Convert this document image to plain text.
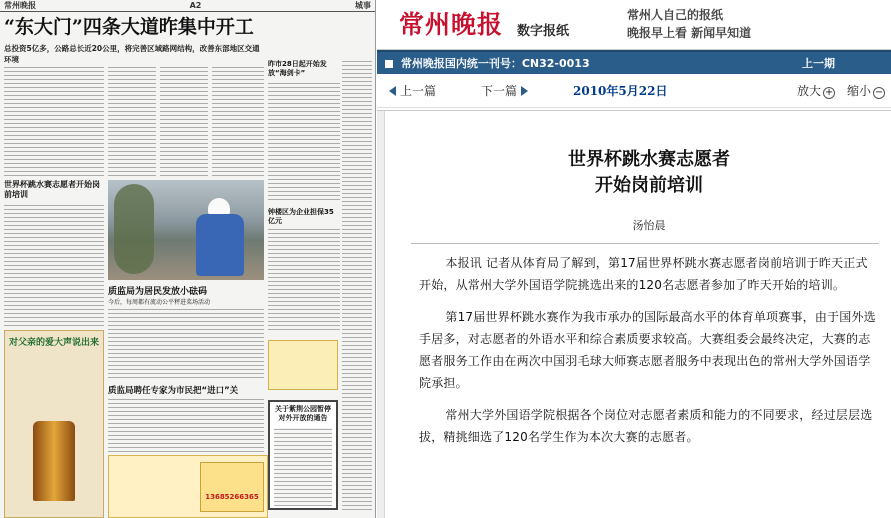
常州晚报	A2	城事
“东大门”四条大道昨集中开工
总投资5亿多，公路总长近20公里，将完善区域路网结构，改善东部地区交通环境	昨市28日起开始发放“海剑卡”
钟楼区为企业担保35亿元
世界杯跳水赛志愿者开始岗前培训
质监局为居民发放小砝码
今后，每周都有流动公平秤进菜场活动
质监局聘任专家为市民把“进口”关
对父亲的爱大声说出来
13685266365
关于紫荆公园暂停对外开放的通告
常州晚报 数字报纸
常州人自己的报纸
晚报早上看 新闻早知道
常州晚报国内统一刊号：CN32-0013	上一期
上一篇	下一篇	2010年5月22日	放大 + 缩小 −
世界杯跳水赛志愿者
开始岗前培训
汤怡晨

本报讯 记者从体育局了解到，第17届世界杯跳水赛志愿者岗前培训于昨天正式开始，从常州大学外国语学院挑选出来的120名志愿者参加了昨天开始的培训。

第17届世界杯跳水赛作为我市承办的国际最高水平的体育单项赛事，由于国外选手居多，对志愿者的外语水平和综合素质要求较高。大赛组委会最终决定，大赛的志愿者服务工作由在两次中国羽毛球大师赛志愿者服务中表现出色的常州大学外国语学院承担。

常州大学外国语学院根据各个岗位对志愿者素质和能力的不同要求，经过层层选拔，精挑细选了120名学生作为本次大赛的志愿者。
